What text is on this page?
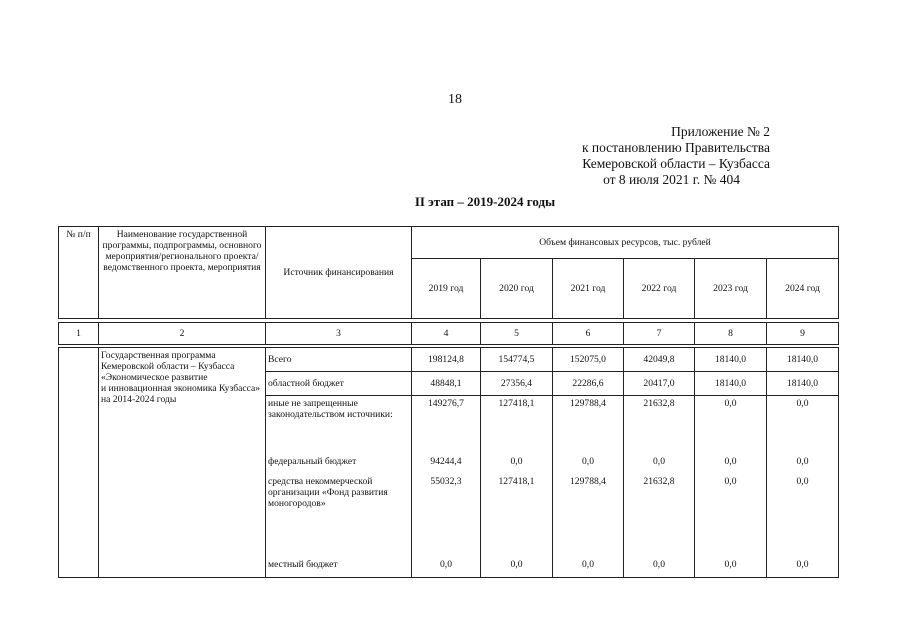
18
Приложение № 2
к постановлению Правительства
Кемеровской области – Кузбасса
от 8 июля 2021 г. № 404
II этап – 2019-2024 годы
№ п/п	Наименование государственной программы, подпрограммы, основного мероприятия/регионального проекта/ведомственного проекта, мероприятия	Источник финансирования	Объем финансовых ресурсов, тыс. рублей					

			2019 год	2020 год	2021 год	2022 год	2023 год	2024 год
1	2	3	4	5	6	7	8	9

	Государственная программа Кемеровской области – Кузбасса «Экономическое развитие
и инновационная экономика Кузбасса»
на 2014-2024 годы	Всего	198124,8	154774,5	152075,0	42049,8	18140,0	18140,0

		областной бюджет	48848,1	27356,4	22286,6	20417,0	18140,0	18140,0

		иные не запрещенные законодательством источники:	149276,7	127418,1	129788,4	21632,8	0,0	0,0

		федеральный бюджет	94244,4	0,0	0,0	0,0	0,0	0,0

		средства некоммерческой организации «Фонд развития моногородов»	55032,3	127418,1	129788,4	21632,8	0,0	0,0

		местный бюджет	0,0	0,0	0,0	0,0	0,0	0,0
